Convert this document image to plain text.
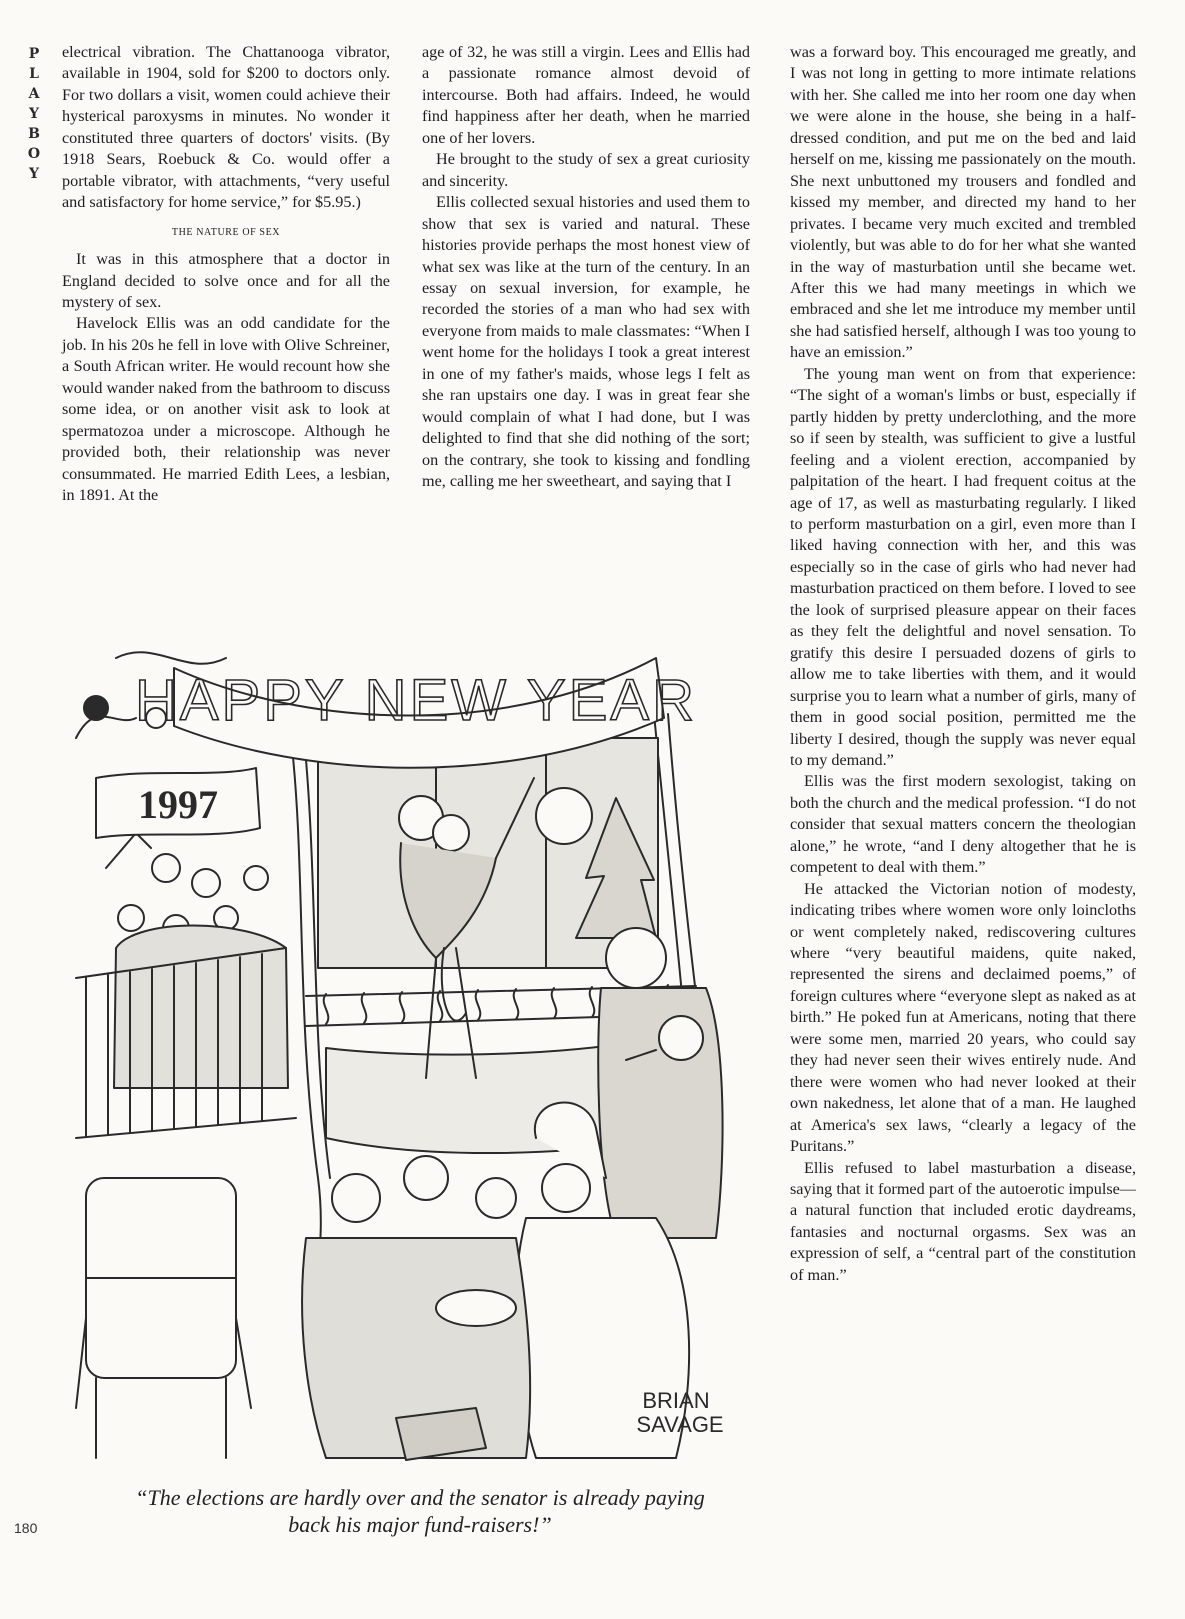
P
L
A
Y
B
O
Y

electrical vibration. The Chattanooga vibrator, available in 1904, sold for $200 to doctors only. For two dollars a visit, women could achieve their hysterical paroxysms in minutes. No wonder it constituted three quarters of doctors' visits. (By 1918 Sears, Roebuck & Co. would offer a portable vibrator, with attachments, “very useful and satisfactory for home service,” for $5.95.)

THE NATURE OF SEX

It was in this atmosphere that a doctor in England decided to solve once and for all the mystery of sex.

Havelock Ellis was an odd candidate for the job. In his 20s he fell in love with Olive Schreiner, a South African writer. He would recount how she would wander naked from the bathroom to discuss some idea, or on another visit ask to look at spermatozoa under a microscope. Although he provided both, their relationship was never consummated. He married Edith Lees, a lesbian, in 1891. At the

age of 32, he was still a virgin. Lees and Ellis had a passionate romance almost devoid of intercourse. Both had affairs. Indeed, he would find happiness after her death, when he married one of her lovers.

He brought to the study of sex a great curiosity and sincerity.

Ellis collected sexual histories and used them to show that sex is varied and natural. These histories provide perhaps the most honest view of what sex was like at the turn of the century. In an essay on sexual inversion, for example, he recorded the stories of a man who had sex with everyone from maids to male classmates: “When I went home for the holidays I took a great interest in one of my father's maids, whose legs I felt as she ran upstairs one day. I was in great fear she would complain of what I had done, but I was delighted to find that she did nothing of the sort; on the contrary, she took to kissing and fondling me, calling me her sweetheart, and saying that I

was a forward boy. This encouraged me greatly, and I was not long in getting to more intimate relations with her. She called me into her room one day when we were alone in the house, she being in a half-dressed condition, and put me on the bed and laid herself on me, kissing me passionately on the mouth. She next unbuttoned my trousers and fondled and kissed my member, and directed my hand to her privates. I became very much excited and trembled violently, but was able to do for her what she wanted in the way of masturbation until she became wet. After this we had many meetings in which we embraced and she let me introduce my member until she had satisfied herself, although I was too young to have an emission.”

The young man went on from that experience: “The sight of a woman's limbs or bust, especially if partly hidden by pretty underclothing, and the more so if seen by stealth, was sufficient to give a lustful feeling and a violent erection, accompanied by palpitation of the heart. I had frequent coitus at the age of 17, as well as masturbating regularly. I liked to perform masturbation on a girl, even more than I liked having connection with her, and this was especially so in the case of girls who had never had masturbation practiced on them before. I loved to see the look of surprised pleasure appear on their faces as they felt the delightful and novel sensation. To gratify this desire I persuaded dozens of girls to allow me to take liberties with them, and it would surprise you to learn what a number of girls, many of them in good social position, permitted me the liberty I desired, though the supply was never equal to my demand.”

Ellis was the first modern sexologist, taking on both the church and the medical profession. “I do not consider that sexual matters concern the theologian alone,” he wrote, “and I deny altogether that he is competent to deal with them.”

He attacked the Victorian notion of modesty, indicating tribes where women wore only loincloths or went completely naked, rediscovering cultures where “very beautiful maidens, quite naked, represented the sirens and declaimed poems,” of foreign cultures where “everyone slept as naked as at birth.” He poked fun at Americans, noting that there were some men, married 20 years, who could say they had never seen their wives entirely nude. And there were women who had never looked at their own nakedness, let alone that of a man. He laughed at America's sex laws, “clearly a legacy of the Puritans.”

Ellis refused to label masturbation a disease, saying that it formed part of the autoerotic impulse—a natural function that included erotic daydreams, fantasies and nocturnal orgasms. Sex was an expression of self, a “central part of the constitution of man.”

HAPPY NEW YEAR
1997
BRIAN
SAVAGE
“The elections are hardly over and the senator is already paying
back his major fund-raisers!”
180
